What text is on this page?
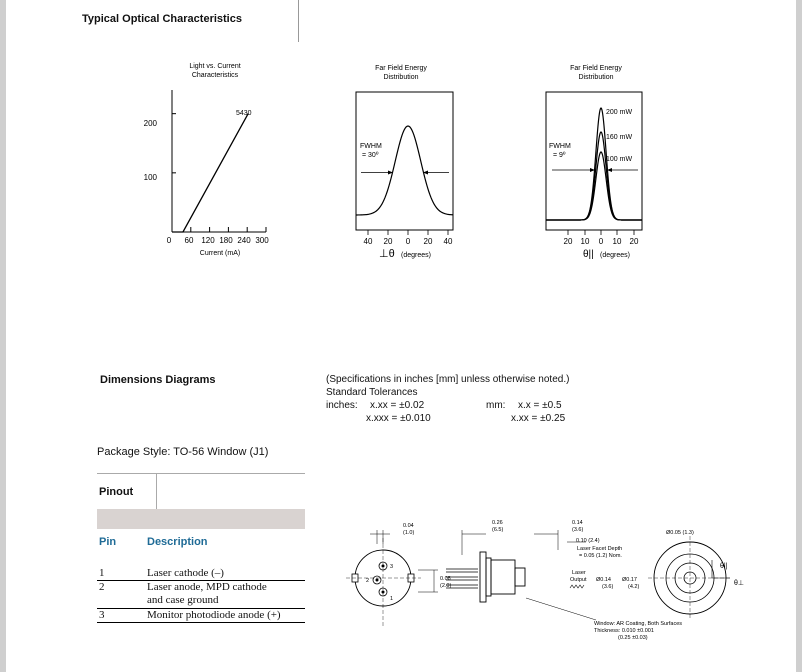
Typical Optical Characteristics
Light vs. Current
Characteristics
200
100
5430
0 60 120 180 240 300
Current (mA)
Far Field Energy
Distribution
FWHM
= 30º
40 20 0 20 40
⊥θ (degrees)
Far Field Energy
Distribution
200 mW
160 mW
100 mW
FWHM
= 9º
20 10 0 10 20
θ|| (degrees)
Dimensions Diagrams	(Specifications in inches [mm] unless otherwise noted.)
Standard Tolerances
inches: x.xx = ±0.02
x.xxx = ±0.010
mm: x.x = ±0.5
x.xx = ±0.25
Package Style: TO-56 Window (J1)
Pinout
Pin	Description
1	Laser cathode (–)
2	Laser anode, MPD cathode
and case ground
3	Monitor photodiode anode (+)
3
2
1
0.04
(1.0)
0.08
(2.0)
0.26
(6.5)
0.14
(3.6)
0.10 (2.4)
Laser Facet Depth
= 0.05 (1.2) Nom.
Laser
Output Ø0.14
(3.6)
Ø0.17
(4.2)
Window: AR Coating, Both Surfaces
Thickness: 0.010 ±0.001
(0.25 ±0.03)
Ø0.05 (1.3)
θ||
θ⊥
